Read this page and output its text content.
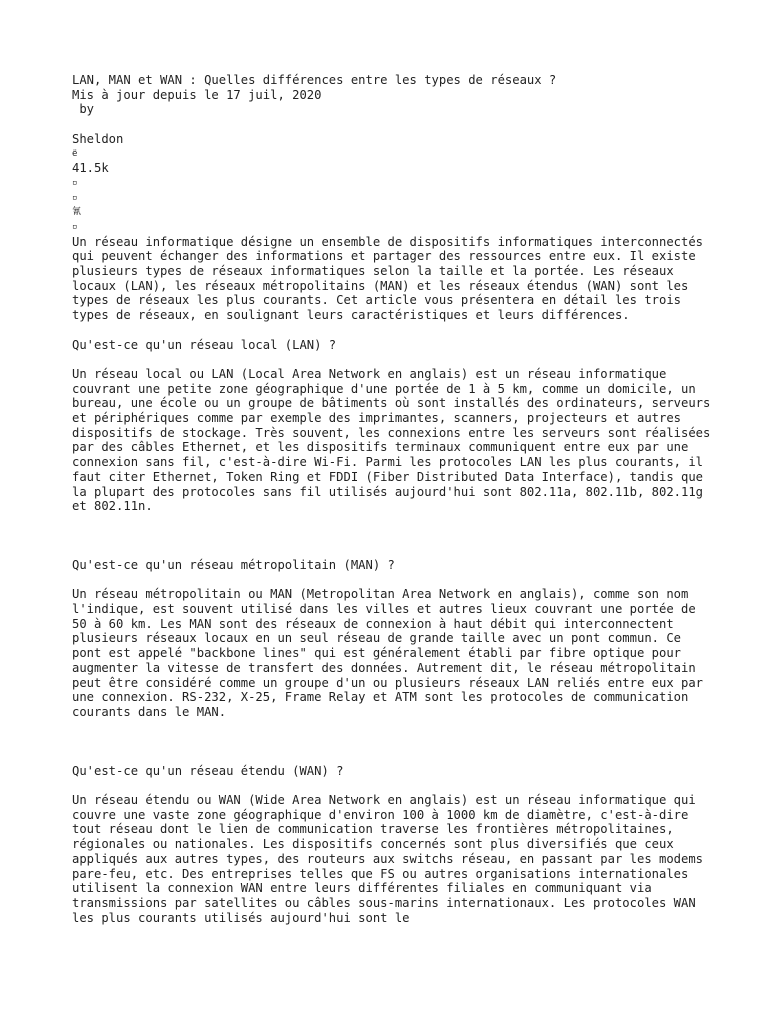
LAN, MAN et WAN : Quelles différences entre les types de réseaux ?
Mis à jour depuis le 17 juil, 2020
by
Sheldon
ё
41.5k
▫
▫
氰
▫

Un réseau informatique désigne un ensemble de dispositifs informatiques interconnectés qui peuvent échanger des informations et partager des ressources entre eux. Il existe plusieurs types de réseaux informatiques selon la taille et la portée. Les réseaux locaux (LAN), les réseaux métropolitains (MAN) et les réseaux étendus (WAN) sont les types de réseaux les plus courants. Cet article vous présentera en détail les trois types de réseaux, en soulignant leurs caractéristiques et leurs différences.

Qu'est-ce qu'un réseau local (LAN) ?

Un réseau local ou LAN (Local Area Network en anglais) est un réseau informatique couvrant une petite zone géographique d'une portée de 1 à 5 km, comme un domicile, un bureau, une école ou un groupe de bâtiments où sont installés des ordinateurs, serveurs et périphériques comme par exemple des imprimantes, scanners, projecteurs et autres dispositifs de stockage. Très souvent, les connexions entre les serveurs sont réalisées par des câbles Ethernet, et les dispositifs terminaux communiquent entre eux par une connexion sans fil, c'est-à-dire Wi-Fi. Parmi les protocoles LAN les plus courants, il faut citer Ethernet, Token Ring et FDDI (Fiber Distributed Data Interface), tandis que la plupart des protocoles sans fil utilisés aujourd'hui sont 802.11a, 802.11b, 802.11g et 802.11n.

Qu'est-ce qu'un réseau métropolitain (MAN) ?

Un réseau métropolitain ou MAN (Metropolitan Area Network en anglais), comme son nom l'indique, est souvent utilisé dans les villes et autres lieux couvrant une portée de 50 à 60 km. Les MAN sont des réseaux de connexion à haut débit qui interconnectent plusieurs réseaux locaux en un seul réseau de grande taille avec un pont commun. Ce pont est appelé "backbone lines" qui est généralement établi par fibre optique pour augmenter la vitesse de transfert des données. Autrement dit, le réseau métropolitain peut être considéré comme un groupe d'un ou plusieurs réseaux LAN reliés entre eux par une connexion. RS-232, X-25, Frame Relay et ATM sont les protocoles de communication courants dans le MAN.

Qu'est-ce qu'un réseau étendu (WAN) ?

Un réseau étendu ou WAN (Wide Area Network en anglais) est un réseau informatique qui couvre une vaste zone géographique d'environ 100 à 1000 km de diamètre, c'est-à-dire tout réseau dont le lien de communication traverse les frontières métropolitaines, régionales ou nationales. Les dispositifs concernés sont plus diversifiés que ceux appliqués aux autres types, des routeurs aux switchs réseau, en passant par les modems pare-feu, etc. Des entreprises telles que FS ou autres organisations internationales utilisent la connexion WAN entre leurs différentes filiales en communiquant via transmissions par satellites ou câbles sous-marins internationaux. Les protocoles WAN les plus courants utilisés aujourd'hui sont le
